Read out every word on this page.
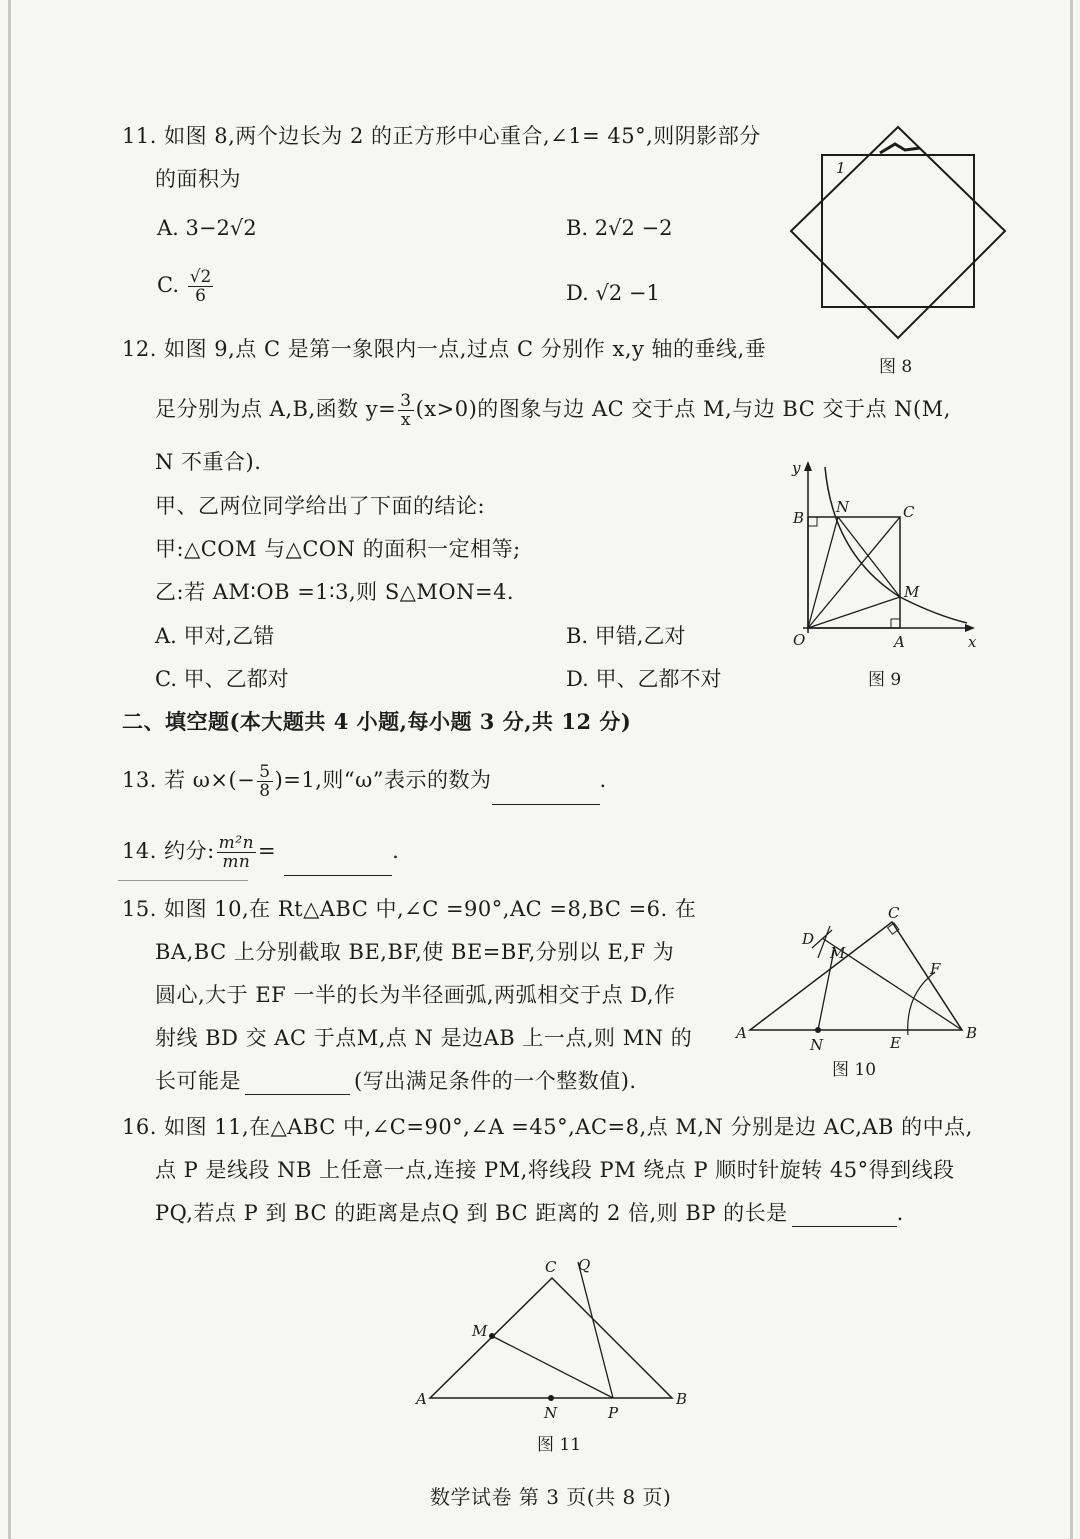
11. 如图 8,两个边长为 2 的正方形中心重合,∠1= 45°,则阴影部分
的面积为
A. 3−2√2	B. 2√2 −2
C. $\frac{√2}{6}$	D. √2 −1
1
图 8
12. 如图 9,点 C 是第一象限内一点,过点 C 分别作 x,y 轴的垂线,垂
足分别为点 A,B,函数 $y= \frac{3}{x} (x>0)$的图象与边 AC 交于点 M,与边 BC 交于点 N(M,
N 不重合).
甲、乙两位同学给出了下面的结论:
甲:△COM 与△CON 的面积一定相等;
乙:若 AM∶OB =1∶3,则 S△MON=4.
A. 甲对,乙错	B. 甲错,乙对
C. 甲、乙都对	D. 甲、乙都不对
y
x
B
N	C
M
O	A
图 9
二、填空题(本大题共 4 小题,每小题 3 分,共 12 分)
13. 若 $\omega\times(- \frac{5}{8} )=1$,则“ω”表示的数为	.
14. 约分: $\frac{\text{m²n}}{mn}$ =	.
15. 如图 10,在 Rt△ABC 中,∠C =90°,AC =8,BC =6. 在
BA,BC 上分别截取 BE,BF,使 BE=BF,分别以 E,F 为
圆心,大于 EF 一半的长为半径画弧,两弧相交于点 D,作
射线 BD 交 AC 于点M,点 N 是边AB 上一点,则 MN 的
长可能是	(写出满足条件的一个整数值).
C
D
M
F
A
N	E
B
图 10
16. 如图 11,在△ABC 中,∠C=90°,∠A =45°,AC=8,点 M,N 分别是边 AC,AB 的中点,
点 P 是线段 NB 上任意一点,连接 PM,将线段 PM 绕点 P 顺时针旋转 45°得到线段
PQ,若点 P 到 BC 的距离是点Q 到 BC 距离的 2 倍,则 BP 的长是	.
C Q
M
A
N	P
B
图 11
数学试卷 第 3 页(共 8 页)
